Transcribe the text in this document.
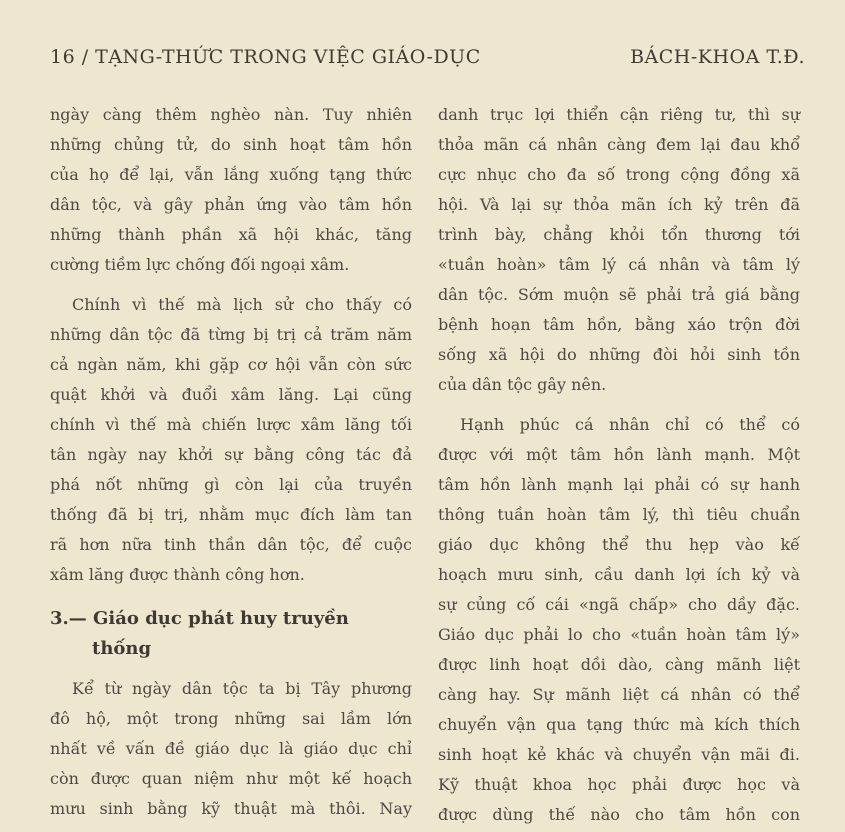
16 / TẠNG-THỨC TRONG VIỆC GIÁO-DỤC	BÁCH-KHOA T.Đ.
ngày càng thêm nghèo nàn. Tuy nhiên
những chủng tử, do sinh hoạt tâm hồn
của họ để lại, vẫn lắng xuống tạng thức
dân tộc, và gây phản ứng vào tâm hồn
những thành phần xã hội khác, tăng
cường tiềm lực chống đối ngoại xâm.
Chính vì thế mà lịch sử cho thấy có
những dân tộc đã từng bị trị cả trăm năm
cả ngàn năm, khi gặp cơ hội vẫn còn sức
quật khởi và đuổi xâm lăng. Lại cũng
chính vì thế mà chiến lược xâm lăng tối
tân ngày nay khởi sự bằng công tác đả
phá nốt những gì còn lại của truyền
thống đã bị trị, nhằm mục đích làm tan
rã hơn nữa tinh thần dân tộc, để cuộc
xâm lăng được thành công hơn.
3.— Giáo dục phát huy truyền
thống
Kể từ ngày dân tộc ta bị Tây phương
đô hộ, một trong những sai lầm lớn
nhất về vấn đề giáo dục là giáo dục chỉ
còn được quan niệm như một kế hoạch
mưu sinh bằng kỹ thuật mà thôi. Nay
danh trục lợi thiển cận riêng tư, thì sự
thỏa mãn cá nhân càng đem lại đau khổ
cực nhục cho đa số trong cộng đồng xã
hội. Và lại sự thỏa mãn ích kỷ trên đã
trình bày, chẳng khỏi tổn thương tới
«tuần hoàn» tâm lý cá nhân và tâm lý
dân tộc. Sớm muộn sẽ phải trả giá bằng
bệnh hoạn tâm hồn, bằng xáo trộn đời
sống xã hội do những đòi hỏi sinh tồn
của dân tộc gây nên.
Hạnh phúc cá nhân chỉ có thể có
được với một tâm hồn lành mạnh. Một
tâm hồn lành mạnh lại phải có sự hanh
thông tuần hoàn tâm lý, thì tiêu chuẩn
giáo dục không thể thu hẹp vào kế
hoạch mưu sinh, cầu danh lợi ích kỷ và
sự củng cố cái «ngã chấp» cho dầy đặc.
Giáo dục phải lo cho «tuần hoàn tâm lý»
được linh hoạt dồi dào, càng mãnh liệt
càng hay. Sự mãnh liệt cá nhân có thể
chuyển vận qua tạng thức mà kích thích
sinh hoạt kẻ khác và chuyển vận mãi đi.
Kỹ thuật khoa học phải được học và
được dùng thế nào cho tâm hồn con
